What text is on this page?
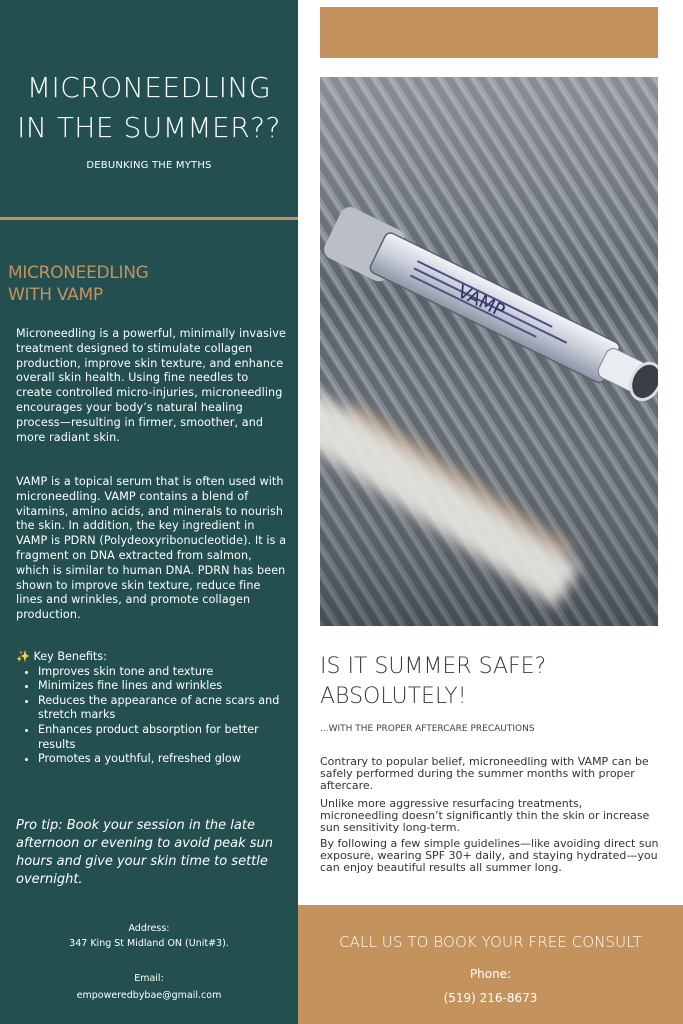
MICRONEEDLING
IN THE SUMMER??
DEBUNKING THE MYTHS
MICRONEEDLING
WITH VAMP
Microneedling is a powerful, minimally invasive treatment designed to stimulate collagen production, improve skin texture, and enhance overall skin health. Using fine needles to create controlled micro-injuries, microneedling encourages your body’s natural healing process—resulting in firmer, smoother, and more radiant skin.
VAMP is a topical serum that is often used with microneedling. VAMP contains a blend of vitamins, amino acids, and minerals to nourish the skin. In addition, the key ingredient in VAMP is PDRN (Polydeoxyribonucleotide). It is a fragment on DNA extracted from salmon, which is similar to human DNA. PDRN has been shown to improve skin texture, reduce fine lines and wrinkles, and promote collagen production.
✨ Key Benefits:
• Improves skin tone and texture
• Minimizes fine lines and wrinkles
• Reduces the appearance of acne scars and stretch marks
• Enhances product absorption for better results
• Promotes a youthful, refreshed glow
Pro tip: Book your session in the late afternoon or evening to avoid peak sun hours and give your skin time to settle overnight.
Address:
347 King St Midland ON (Unit#3).
Email:
empoweredbybae@gmail.com
VAMP
IS IT SUMMER SAFE?
ABSOLUTELY!
...WITH THE PROPER AFTERCARE PRECAUTIONS
Contrary to popular belief, microneedling with VAMP can be safely performed during the summer months with proper aftercare.
Unlike more aggressive resurfacing treatments, microneedling doesn’t significantly thin the skin or increase sun sensitivity long-term.
By following a few simple guidelines—like avoiding direct sun exposure, wearing SPF 30+ daily, and staying hydrated—you can enjoy beautiful results all summer long.
CALL US TO BOOK YOUR FREE CONSULT
Phone:
(519) 216-8673
